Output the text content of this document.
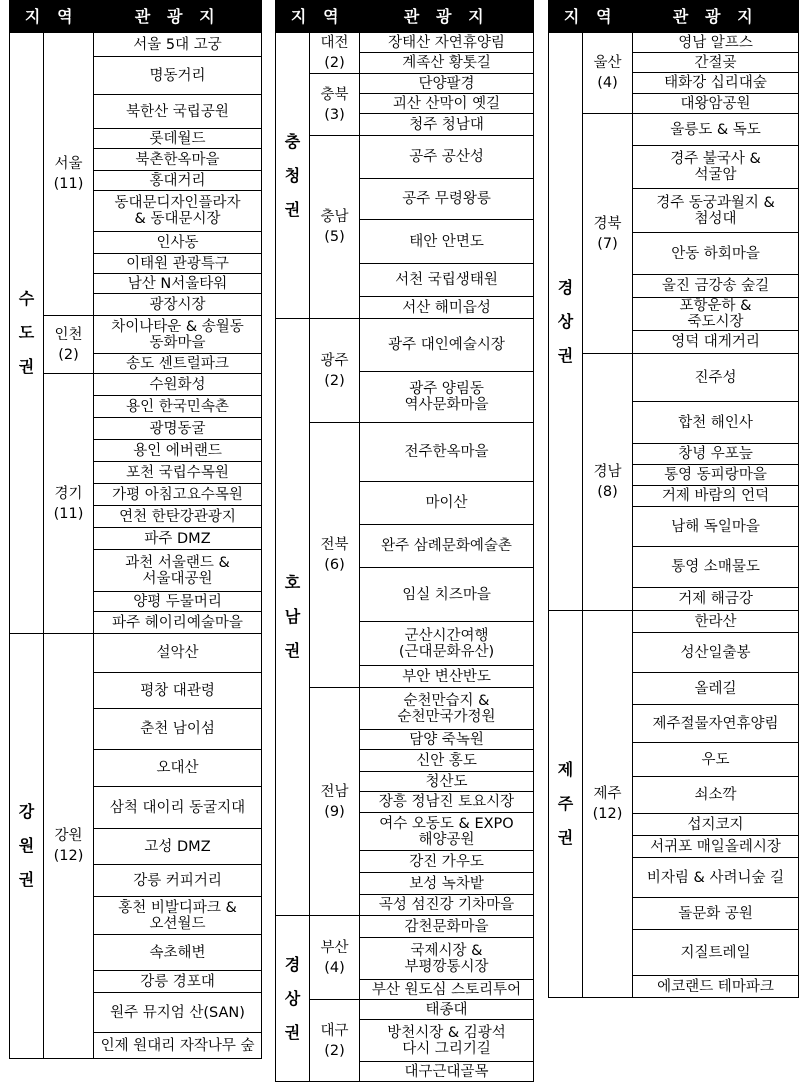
지 역		관 광 지
수
도
권	서울
(11)	서울 5대 고궁
		명동거리
		북한산 국립공원
		롯데월드
		북촌한옥마을
		홍대거리
		동대문디자인플라자
& 동대문시장
		인사동
		이태원 관광특구
		남산 N서울타워
		광장시장

	인천
(2)	차이나타운 & 송월동
동화마을
		송도 센트럴파크

	경기
(11)	수원화성
		용인 한국민속촌
		광명동굴
		용인 에버랜드
		포천 국립수목원
		가평 아침고요수목원
		연천 한탄강관광지
		파주 DMZ
		과천 서울랜드 &
서울대공원
		양평 두물머리
		파주 헤이리예술마을
강
원
권	강원
(12)	설악산
		평창 대관령
		춘천 남이섬
		오대산
		삼척 대이리 동굴지대
		고성 DMZ
		강릉 커피거리
		홍천 비발디파크 &
오션월드
		속초해변
		강릉 경포대
		원주 뮤지엄 산(SAN)
		인제 원대리 자작나무 숲
지 역		관 광 지
충
청
권	대전
(2)	장태산 자연휴양림
		계족산 황톳길

	충북
(3)	단양팔경
		괴산 산막이 옛길
		청주 청남대

	충남
(5)	공주 공산성
		공주 무령왕릉
		태안 안면도
		서천 국립생태원
		서산 해미읍성
호
남
권	광주
(2)	광주 대인예술시장
		광주 양림동
역사문화마을

	전북
(6)	전주한옥마을
		마이산
		완주 삼례문화예술촌
		임실 치즈마을
		군산시간여행
(근대문화유산)
		부안 변산반도

	전남
(9)	순천만습지 &
순천만국가정원
		담양 죽녹원
		신안 홍도
		청산도
		장흥 정남진 토요시장
		여수 오동도 & EXPO
해양공원
		강진 가우도
		보성 녹차밭
		곡성 섬진강 기차마을
경
상
권	부산
(4)	감천문화마을
		국제시장 &
부평깡통시장
		부산 원도심 스토리투어

	대구
(2)	태종대
		방천시장 & 김광석
다시 그리기길
		대구근대골목
지 역		관 광 지
경
상
권	울산
(4)	영남 알프스
		간절곶
		태화강 십리대숲
		대왕암공원

	경북
(7)	울릉도 & 독도
		경주 불국사 &
석굴암
		경주 동궁과월지 &
첨성대
		안동 하회마을
		울진 금강송 숲길
		포항운하 &
죽도시장
		영덕 대게거리

	경남
(8)	진주성
		합천 해인사
		창녕 우포늪
		통영 동피랑마을
		거제 바람의 언덕
		남해 독일마을
		통영 소매물도
		거제 해금강
제
주
권	제주
(12)	한라산
		성산일출봉
		올레길
		제주절물자연휴양림
		우도
		쇠소깍
		섭지코지
		서귀포 매일올레시장
		비자림 & 사려니숲 길
		돌문화 공원
		지질트레일
		에코랜드 테마파크
